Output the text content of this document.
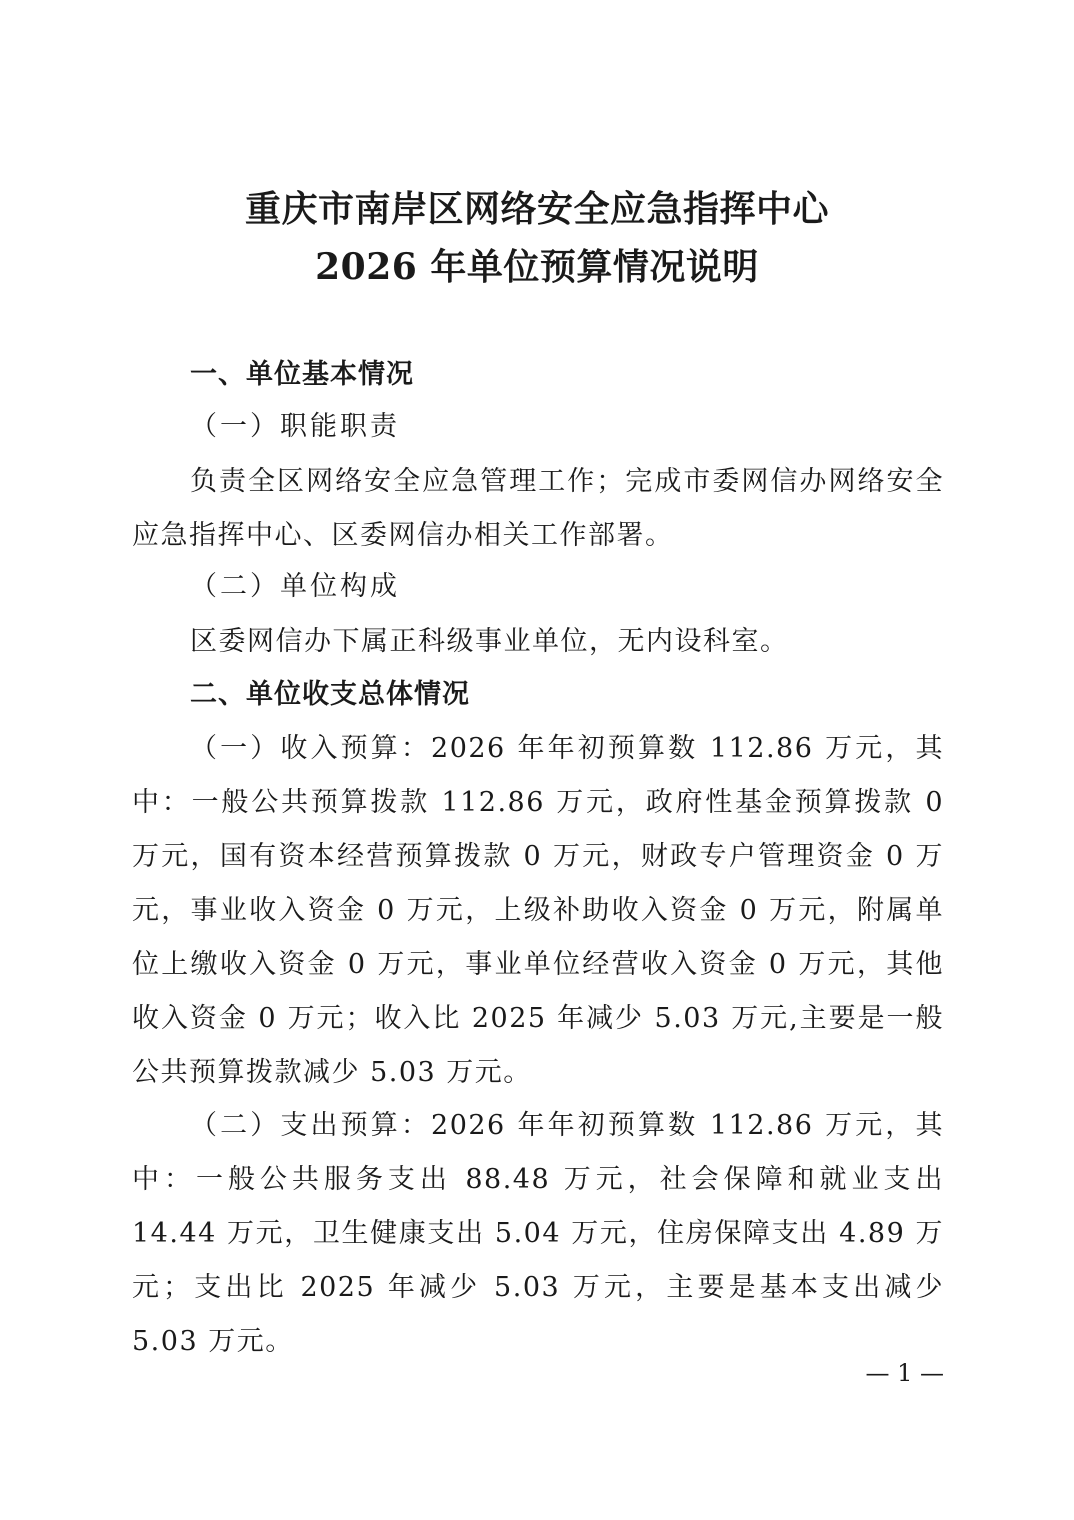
重庆市南岸区网络安全应急指挥中心
2026 年单位预算情况说明
一、单位基本情况
（一）职能职责
负责全区网络安全应急管理工作；完成市委网信办网络安全应急指挥中心、区委网信办相关工作部署。
（二）单位构成
区委网信办下属正科级事业单位，无内设科室。
二、单位收支总体情况
（一）收入预算：2026 年年初预算数 112.86 万元，其中：一般公共预算拨款 112.86 万元，政府性基金预算拨款 0 万元，国有资本经营预算拨款 0 万元，财政专户管理资金 0 万元，事业收入资金 0 万元，上级补助收入资金 0 万元，附属单位上缴收入资金 0 万元，事业单位经营收入资金 0 万元，其他收入资金 0 万元；收入比 2025 年减少 5.03 万元,主要是一般公共预算拨款减少 5.03 万元。
（二）支出预算：2026 年年初预算数 112.86 万元，其中：一般公共服务支出 88.48 万元，社会保障和就业支出 14.44 万元，卫生健康支出 5.04 万元，住房保障支出 4.89 万元；支出比 2025 年减少 5.03 万元，主要是基本支出减少 5.03 万元。
— 1 —
